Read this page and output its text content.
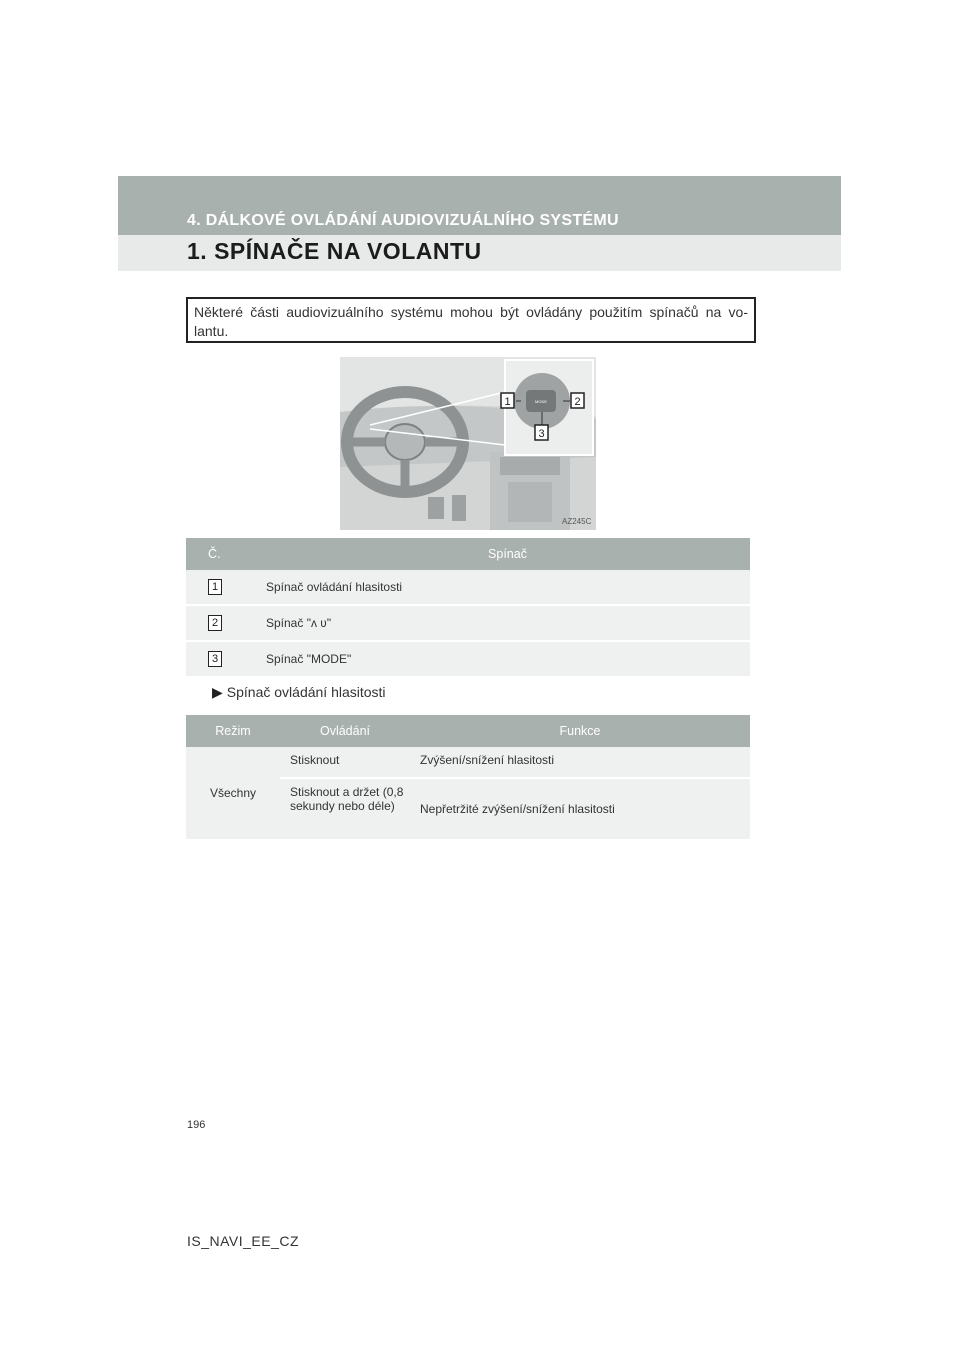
4. DÁLKOVÉ OVLÁDÁNÍ AUDIOVIZUÁLNÍHO SYSTÉMU
1. SPÍNAČE NA VOLANTU
Některé části audiovizuálního systému mohou být ovládány použitím spínačů na vo-lantu.
1	2
3
MODE
AZ245C
Č.	Spínač
1	Spínač ovládání hlasitosti
2	Spínač "ʌ ʋ"
3	Spínač "MODE"
▶ Spínač ovládání hlasitosti
Režim	Ovládání	Funkce
Všechny	Stisknout	Zvýšení/snížení hlasitosti
	Stisknout a držet (0,8 sekundy nebo déle)	Nepřetržité zvýšení/snížení hlasitosti
196
IS_NAVI_EE_CZ
